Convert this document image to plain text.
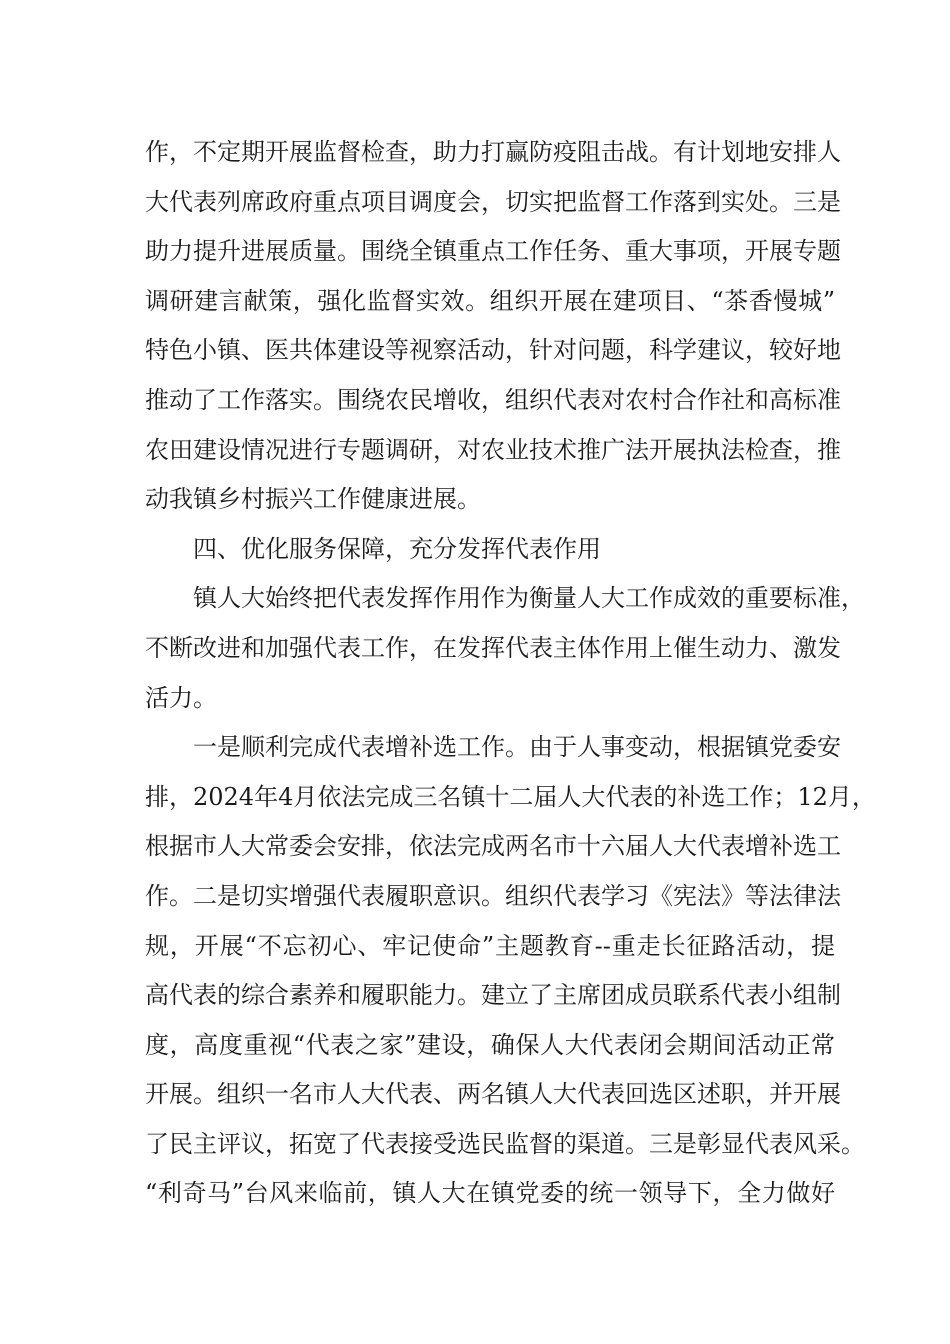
作，不定期开展监督检查，助力打赢防疫阻击战。有计划地安排人
大代表列席政府重点项目调度会，切实把监督工作落到实处。三是
助力提升进展质量。围绕全镇重点工作任务、重大事项，开展专题
调研建言献策，强化监督实效。组织开展在建项目、“茶香慢城”
特色小镇、医共体建设等视察活动，针对问题，科学建议，较好地
推动了工作落实。围绕农民增收，组织代表对农村合作社和高标准
农田建设情况进行专题调研，对农业技术推广法开展执法检查，推
动我镇乡村振兴工作健康进展。
四、优化服务保障，充分发挥代表作用
镇人大始终把代表发挥作用作为衡量人大工作成效的重要标准，
不断改进和加强代表工作，在发挥代表主体作用上催生动力、激发
活力。
一是顺利完成代表增补选工作。由于人事变动，根据镇党委安
排，2024年4月依法完成三名镇十二届人大代表的补选工作；12月，
根据市人大常委会安排，依法完成两名市十六届人大代表增补选工
作。二是切实增强代表履职意识。组织代表学习《宪法》等法律法
规，开展“不忘初心、牢记使命”主题教育--重走长征路活动，提
高代表的综合素养和履职能力。建立了主席团成员联系代表小组制
度，高度重视“代表之家”建设，确保人大代表闭会期间活动正常
开展。组织一名市人大代表、两名镇人大代表回选区述职，并开展
了民主评议，拓宽了代表接受选民监督的渠道。三是彰显代表风采。
“利奇马”台风来临前，镇人大在镇党委的统一领导下，全力做好
